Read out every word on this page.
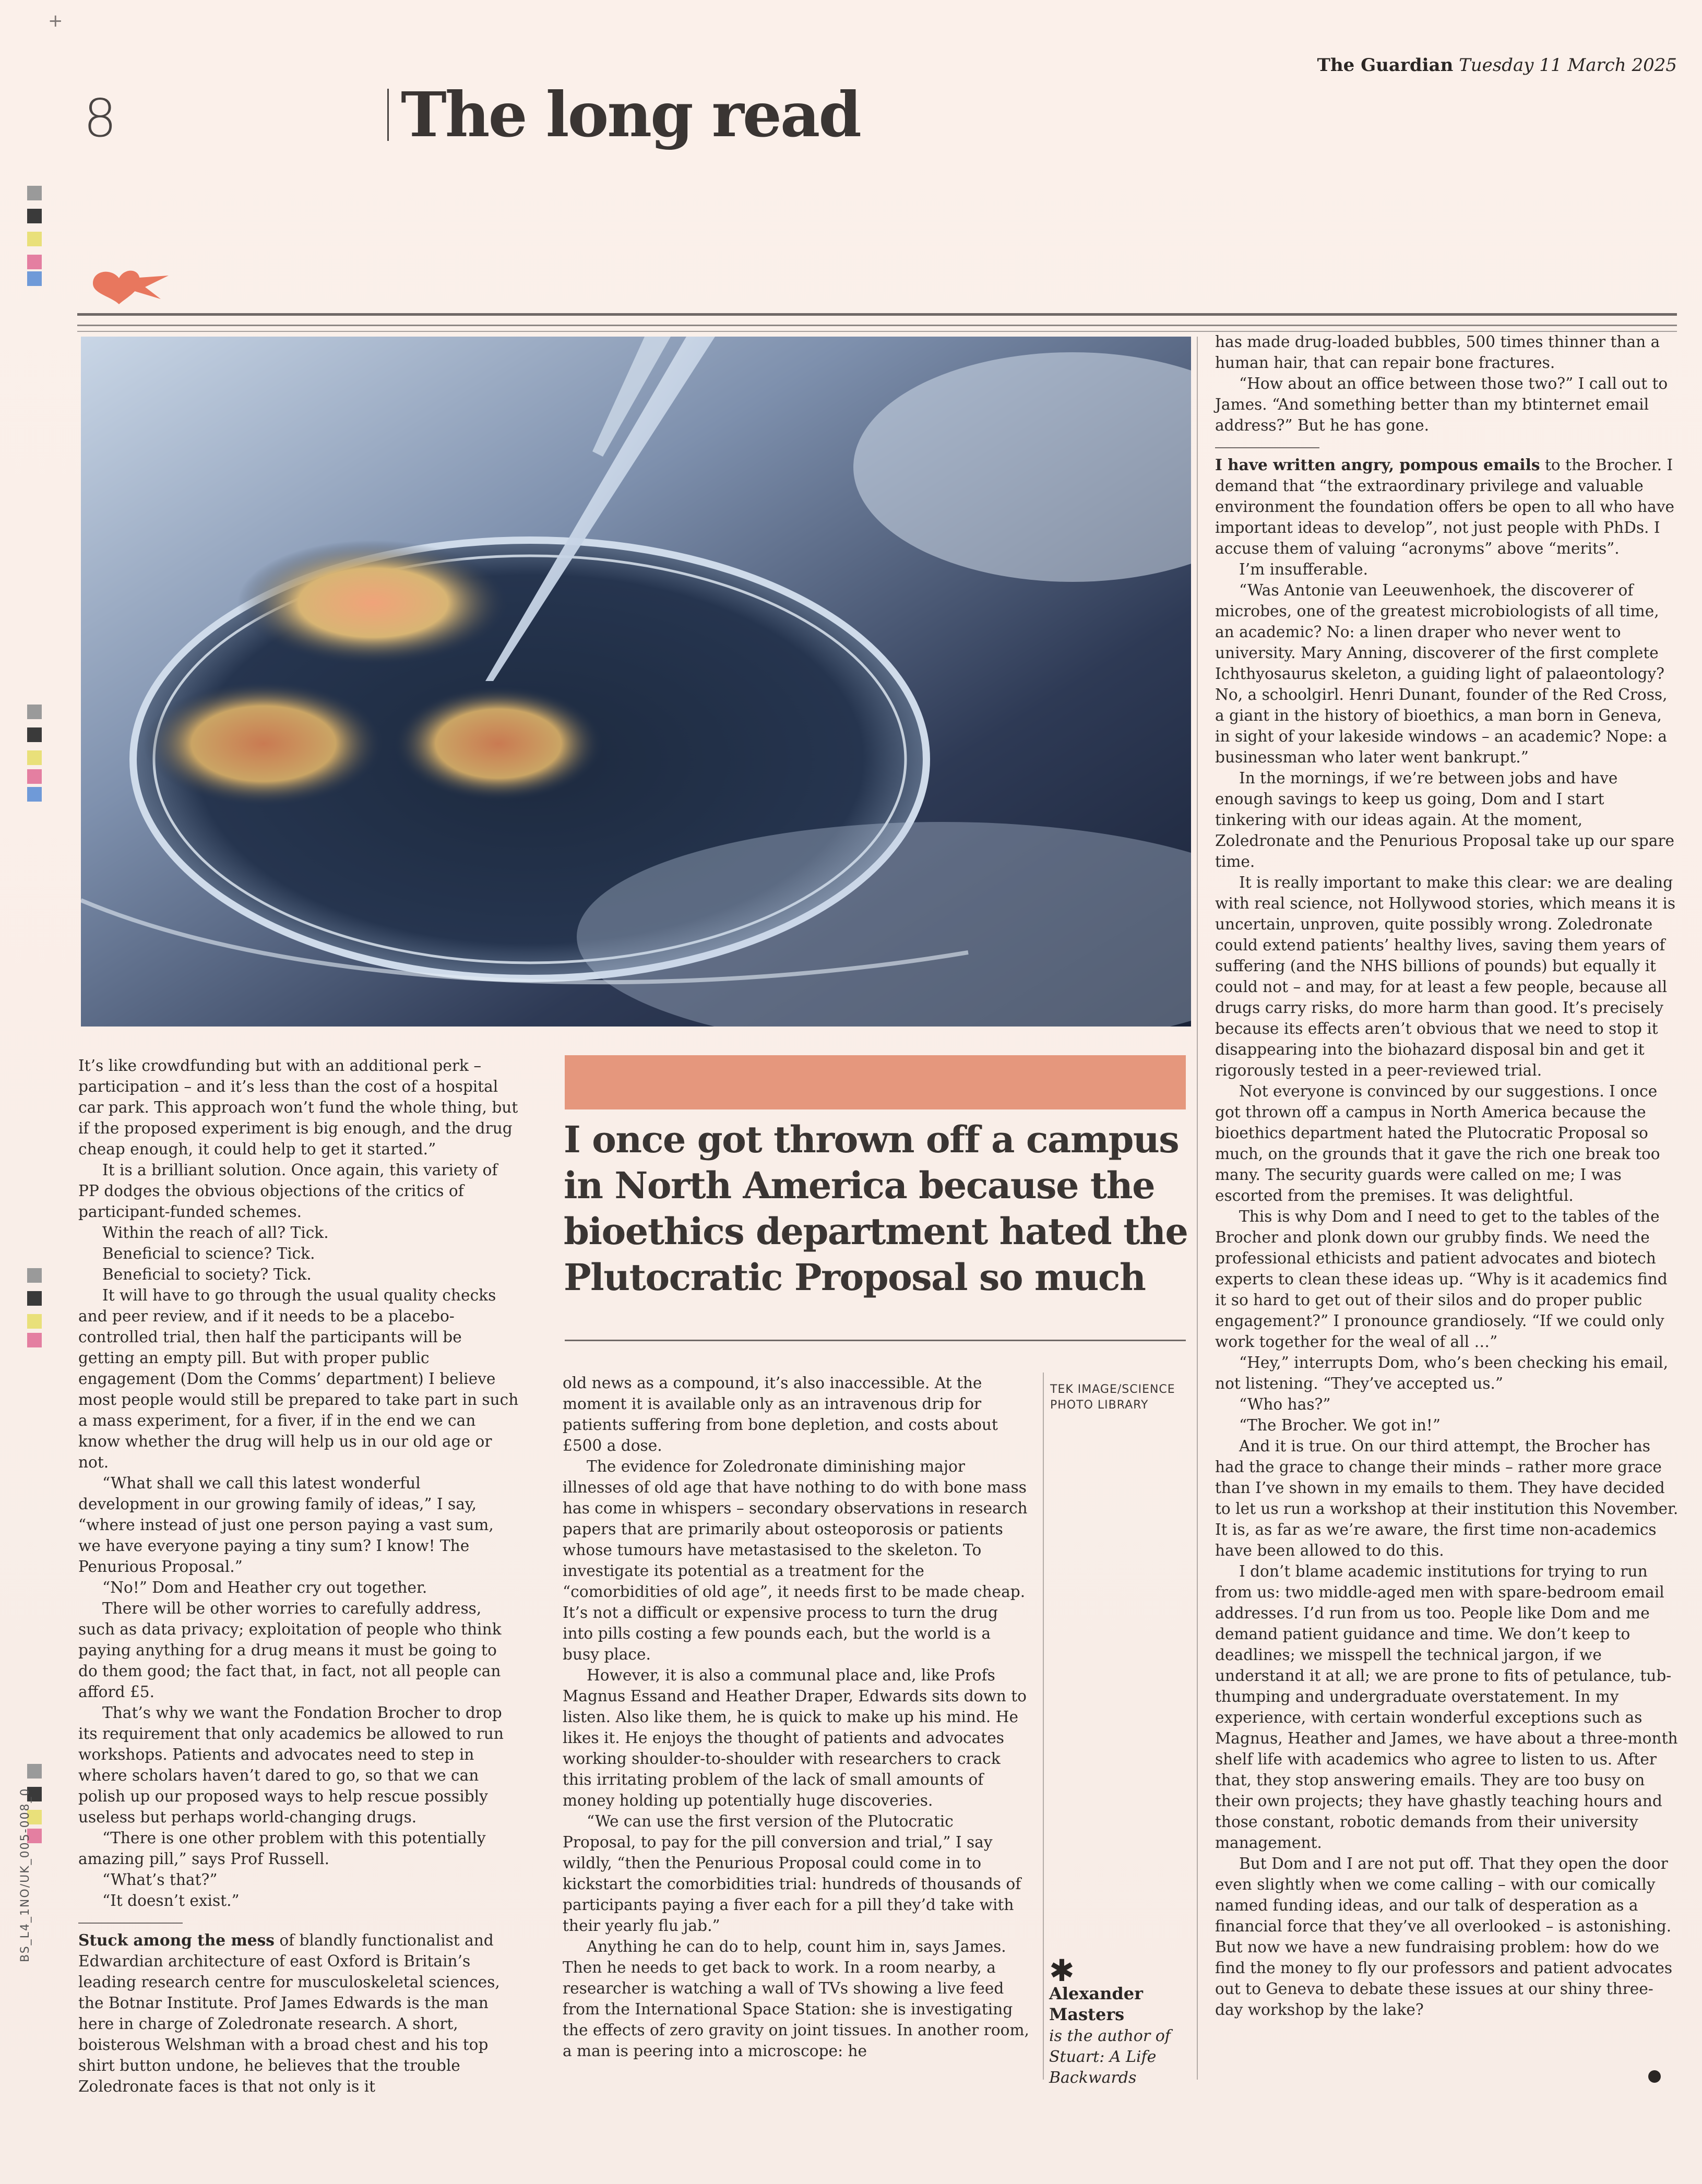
+
BS_L4_1NO/UK_005-008_0
The Guardian Tuesday 11 March 2025
8	The long read

It’s like crowdfunding but with an additional perk – participation – and it’s less than the cost of a hospital car park. This approach won’t fund the whole thing, but if the proposed experiment is big enough, and the drug cheap enough, it could help to get it started.”

It is a brilliant solution. Once again, this variety of PP dodges the obvious objections of the critics of participant-funded schemes.

Within the reach of all? Tick.

Beneficial to science? Tick.

Beneficial to society? Tick.

It will have to go through the usual quality checks and peer review, and if it needs to be a placebo-controlled trial, then half the participants will be getting an empty pill. But with proper public engagement (Dom the Comms’ department) I believe most people would still be prepared to take part in such a mass experiment, for a fiver, if in the end we can know whether the drug will help us in our old age or not.

“What shall we call this latest wonderful development in our growing family of ideas,” I say, “where instead of just one person paying a vast sum, we have everyone paying a tiny sum? I know! The Penurious Proposal.”

“No!” Dom and Heather cry out together.

There will be other worries to carefully address, such as data privacy; exploitation of people who think paying anything for a drug means it must be going to do them good; the fact that, in fact, not all people can afford £5.

That’s why we want the Fondation Brocher to drop its requirement that only academics be allowed to run workshops. Patients and advocates need to step in where scholars haven’t dared to go, so that we can polish up our proposed ways to help rescue possibly useless but perhaps world-changing drugs.

“There is one other problem with this potentially amazing pill,” says Prof Russell.

“What’s that?”

“It doesn’t exist.”

Stuck among the mess of blandly functionalist and Edwardian architecture of east Oxford is Britain’s leading research centre for musculoskeletal sciences, the Botnar Institute. Prof James Edwards is the man here in charge of Zoledronate research. A short, boisterous Welshman with a broad chest and his top shirt button undone, he believes that the trouble Zoledronate faces is that not only is it

I once got thrown off a campus in North America because the bioethics department hated the Plutocratic Proposal so much

old news as a compound, it’s also inaccessible. At the moment it is available only as an intravenous drip for patients suffering from bone depletion, and costs about £500 a dose.

The evidence for Zoledronate diminishing major illnesses of old age that have nothing to do with bone mass has come in whispers – secondary observations in research papers that are primarily about osteoporosis or patients whose tumours have metastasised to the skeleton. To investigate its potential as a treatment for the “comorbidities of old age”, it needs first to be made cheap. It’s not a difficult or expensive process to turn the drug into pills costing a few pounds each, but the world is a busy place.

However, it is also a communal place and, like Profs Magnus Essand and Heather Draper, Edwards sits down to listen. Also like them, he is quick to make up his mind. He likes it. He enjoys the thought of patients and advocates working shoulder-to-shoulder with researchers to crack this irritating problem of the lack of small amounts of money holding up potentially huge discoveries.

“We can use the first version of the Plutocratic Proposal, to pay for the pill conversion and trial,” I say wildly, “then the Penurious Proposal could come in to kickstart the comorbidities trial: hundreds of thousands of participants paying a fiver each for a pill they’d take with their yearly flu jab.”

Anything he can do to help, count him in, says James. Then he needs to get back to work. In a room nearby, a researcher is watching a wall of TVs showing a live feed from the International Space Station: she is investigating the effects of zero gravity on joint tissues. In another room, a man is peering into a microscope: he

TEK IMAGE/SCIENCE PHOTO LIBRARY
✱
Alexander Masters
is the author of Stuart: A Life Backwards

has made drug-loaded bubbles, 500 times thinner than a human hair, that can repair bone fractures.

“How about an office between those two?” I call out to James. “And something better than my btinternet email address?” But he has gone.

I have written angry, pompous emails to the Brocher. I demand that “the extraordinary privilege and valuable environment the foundation offers be open to all who have important ideas to develop”, not just people with PhDs. I accuse them of valuing “acronyms” above “merits”.

I’m insufferable.

“Was Antonie van Leeuwenhoek, the discoverer of microbes, one of the greatest microbiologists of all time, an academic? No: a linen draper who never went to university. Mary Anning, discoverer of the first complete Ichthyosaurus skeleton, a guiding light of palaeontology? No, a schoolgirl. Henri Dunant, founder of the Red Cross, a giant in the history of bioethics, a man born in Geneva, in sight of your lakeside windows – an academic? Nope: a businessman who later went bankrupt.”

In the mornings, if we’re between jobs and have enough savings to keep us going, Dom and I start tinkering with our ideas again. At the moment, Zoledronate and the Penurious Proposal take up our spare time.

It is really important to make this clear: we are dealing with real science, not Hollywood stories, which means it is uncertain, unproven, quite possibly wrong. Zoledronate could extend patients’ healthy lives, saving them years of suffering (and the NHS billions of pounds) but equally it could not – and may, for at least a few people, because all drugs carry risks, do more harm than good. It’s precisely because its effects aren’t obvious that we need to stop it disappearing into the biohazard disposal bin and get it rigorously tested in a peer-reviewed trial.

Not everyone is convinced by our suggestions. I once got thrown off a campus in North America because the bioethics department hated the Plutocratic Proposal so much, on the grounds that it gave the rich one break too many. The security guards were called on me; I was escorted from the premises. It was delightful.

This is why Dom and I need to get to the tables of the Brocher and plonk down our grubby finds. We need the professional ethicists and patient advocates and biotech experts to clean these ideas up. “Why is it academics find it so hard to get out of their silos and do proper public engagement?” I pronounce grandiosely. “If we could only work together for the weal of all …”

“Hey,” interrupts Dom, who’s been checking his email, not listening. “They’ve accepted us.”

“Who has?”

“The Brocher. We got in!”

And it is true. On our third attempt, the Brocher has had the grace to change their minds – rather more grace than I’ve shown in my emails to them. They have decided to let us run a workshop at their institution this November. It is, as far as we’re aware, the first time non-academics have been allowed to do this.

I don’t blame academic institutions for trying to run from us: two middle-aged men with spare-bedroom email addresses. I’d run from us too. People like Dom and me demand patient guidance and time. We don’t keep to deadlines; we misspell the technical jargon, if we understand it at all; we are prone to fits of petulance, tub-thumping and undergraduate overstatement. In my experience, with certain wonderful exceptions such as Magnus, Heather and James, we have about a three-month shelf life with academics who agree to listen to us. After that, they stop answering emails. They are too busy on their own projects; they have ghastly teaching hours and those constant, robotic demands from their university management.

But Dom and I are not put off. That they open the door even slightly when we come calling – with our comically named funding ideas, and our talk of desperation as a financial force that they’ve all overlooked – is astonishing. But now we have a new fundraising problem: how do we find the money to fly our professors and patient advocates out to Geneva to debate these issues at our shiny three-day workshop by the lake?
